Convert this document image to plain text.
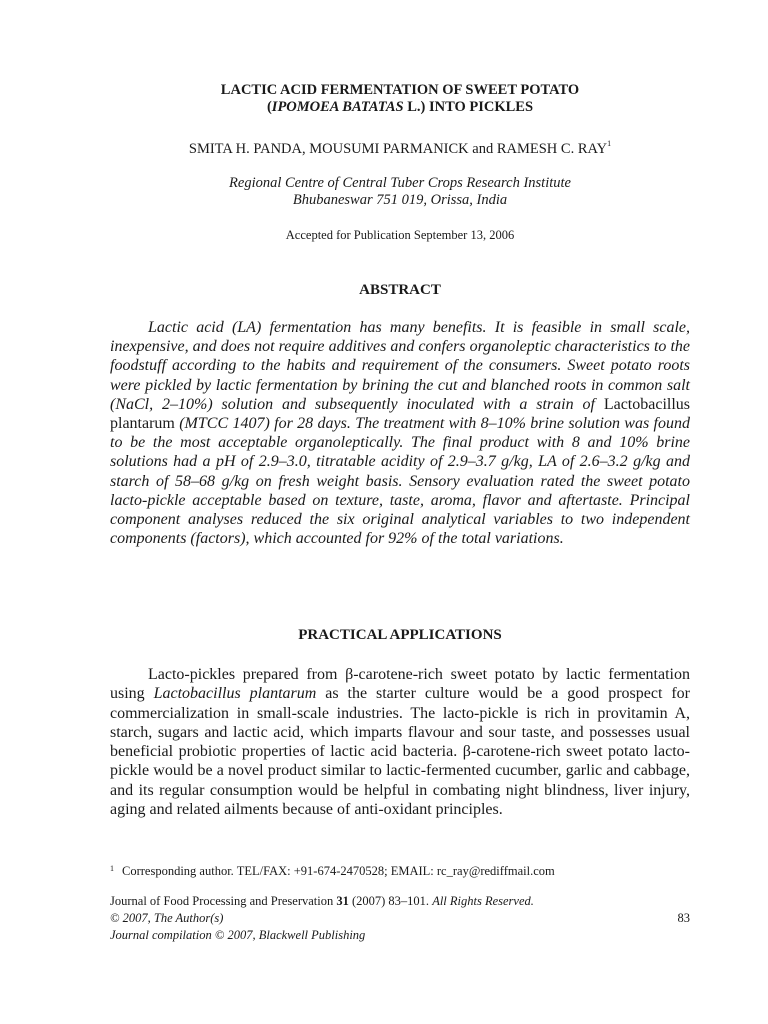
LACTIC ACID FERMENTATION OF SWEET POTATO
(IPOMOEA BATATAS L.) INTO PICKLES
SMITA H. PANDA, MOUSUMI PARMANICK and RAMESH C. RAY$^1$
Regional Centre of Central Tuber Crops Research Institute
Bhubaneswar 751 019, Orissa, India
Accepted for Publication September 13, 2006
ABSTRACT
Lactic acid (LA) fermentation has many benefits. It is feasible in small scale, inexpensive, and does not require additives and confers organoleptic characteristics to the foodstuff according to the habits and requirement of the consumers. Sweet potato roots were pickled by lactic fermentation by brining the cut and blanched roots in common salt (NaCl, 2–10%) solution and subsequently inoculated with a strain of Lactobacillus plantarum (MTCC 1407) for 28 days. The treatment with 8–10% brine solution was found to be the most acceptable organoleptically. The final product with 8 and 10% brine solutions had a pH of 2.9–3.0, titratable acidity of 2.9–3.7 g/kg, LA of 2.6–3.2 g/kg and starch of 58–68 g/kg on fresh weight basis. Sensory evaluation rated the sweet potato lacto-pickle acceptable based on texture, taste, aroma, flavor and aftertaste. Principal component analyses reduced the six original analytical variables to two independent components (factors), which accounted for 92% of the total variations.
PRACTICAL APPLICATIONS
Lacto-pickles prepared from β-carotene-rich sweet potato by lactic fermentation using Lactobacillus plantarum as the starter culture would be a good prospect for commercialization in small-scale industries. The lacto-pickle is rich in provitamin A, starch, sugars and lactic acid, which imparts flavour and sour taste, and possesses usual beneficial probiotic properties of lactic acid bacteria. β-carotene-rich sweet potato lacto-pickle would be a novel product similar to lactic-fermented cucumber, garlic and cabbage, and its regular consumption would be helpful in combating night blindness, liver injury, aging and related ailments because of anti-oxidant principles.
$^1$ Corresponding author. TEL/FAX: +91-674-2470528; EMAIL: rc_ray@rediffmail.com
Journal of Food Processing and Preservation 31 (2007) 83–101. All Rights Reserved.
© 2007, The Author(s)
Journal compilation © 2007, Blackwell Publishing
83
